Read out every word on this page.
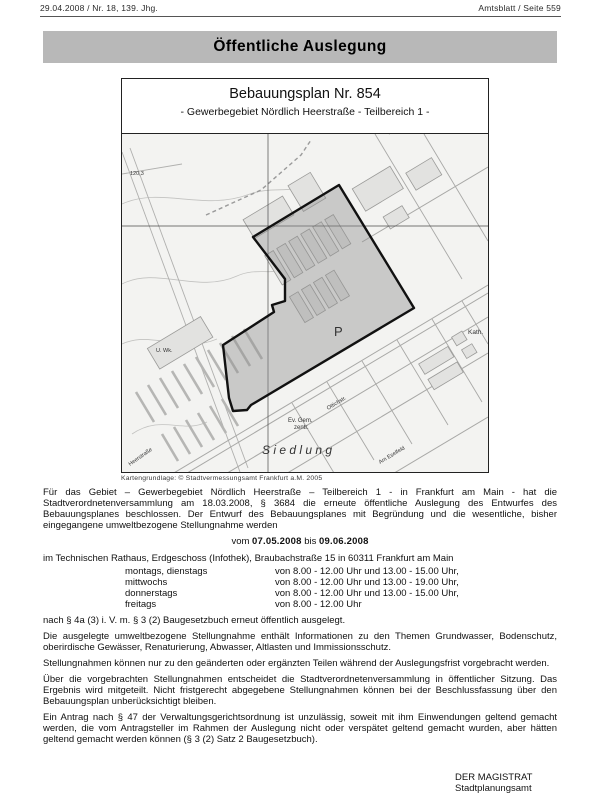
29.04.2008 / Nr. 18, 139. Jhg.	Amtsblatt / Seite 559
Öffentliche Auslegung
Bebauungsplan Nr. 854
- Gewerbegebiet Nördlich Heerstraße - Teilbereich 1 -
120,3
U. Wk.
P
Ev. Gem.
zentr.
S i e d l u n g
Kath.
Ottichstr.
Am Eselfeld
Heerstraße
Kartengrundlage: © Stadtvermessungsamt Frankfurt a.M. 2005

Für das Gebiet – Gewerbegebiet Nördlich Heerstraße – Teilbereich 1 - in Frankfurt am Main - hat die Stadtverordnetenversammlung am 18.03.2008, § 3684 die erneute öffentliche Auslegung des Entwurfes des Bebauungsplanes beschlossen. Der Entwurf des Bebauungsplanes mit Begründung und die wesentliche, bisher eingegangene umweltbezogene Stellungnahme werden

vom 07.05.2008 bis 09.06.2008

im Technischen Rathaus, Erdgeschoss (Infothek), Braubachstraße 15 in 60311 Frankfurt am Main

montags, dienstags	von 8.00 - 12.00 Uhr und 13.00 - 15.00 Uhr,
mittwochs	von 8.00 - 12.00 Uhr und 13.00 - 19.00 Uhr,
donnerstags	von 8.00 - 12.00 Uhr und 13.00 - 15.00 Uhr,
freitags	von 8.00 - 12.00 Uhr

nach § 4a (3) i. V. m. § 3 (2) Baugesetzbuch erneut öffentlich ausgelegt.

Die ausgelegte umweltbezogene Stellungnahme enthält Informationen zu den Themen Grundwasser, Bodenschutz, oberirdische Gewässer, Renaturierung, Abwasser, Altlasten und Immissionsschutz.

Stellungnahmen können nur zu den geänderten oder ergänzten Teilen während der Auslegungsfrist vorgebracht werden.

Über die vorgebrachten Stellungnahmen entscheidet die Stadtverordnetenversammlung in öffentlicher Sitzung. Das Ergebnis wird mitgeteilt. Nicht fristgerecht abgegebene Stellungnahmen können bei der Beschlussfassung über den Bebauungsplan unberücksichtigt bleiben.

Ein Antrag nach § 47 der Verwaltungsgerichtsordnung ist unzulässig, soweit mit ihm Einwendungen geltend gemacht werden, die vom Antragsteller im Rahmen der Auslegung nicht oder verspätet geltend gemacht wurden, aber hätten geltend gemacht werden können (§ 3 (2) Satz 2 Baugesetzbuch).

DER MAGISTRAT
Stadtplanungsamt
